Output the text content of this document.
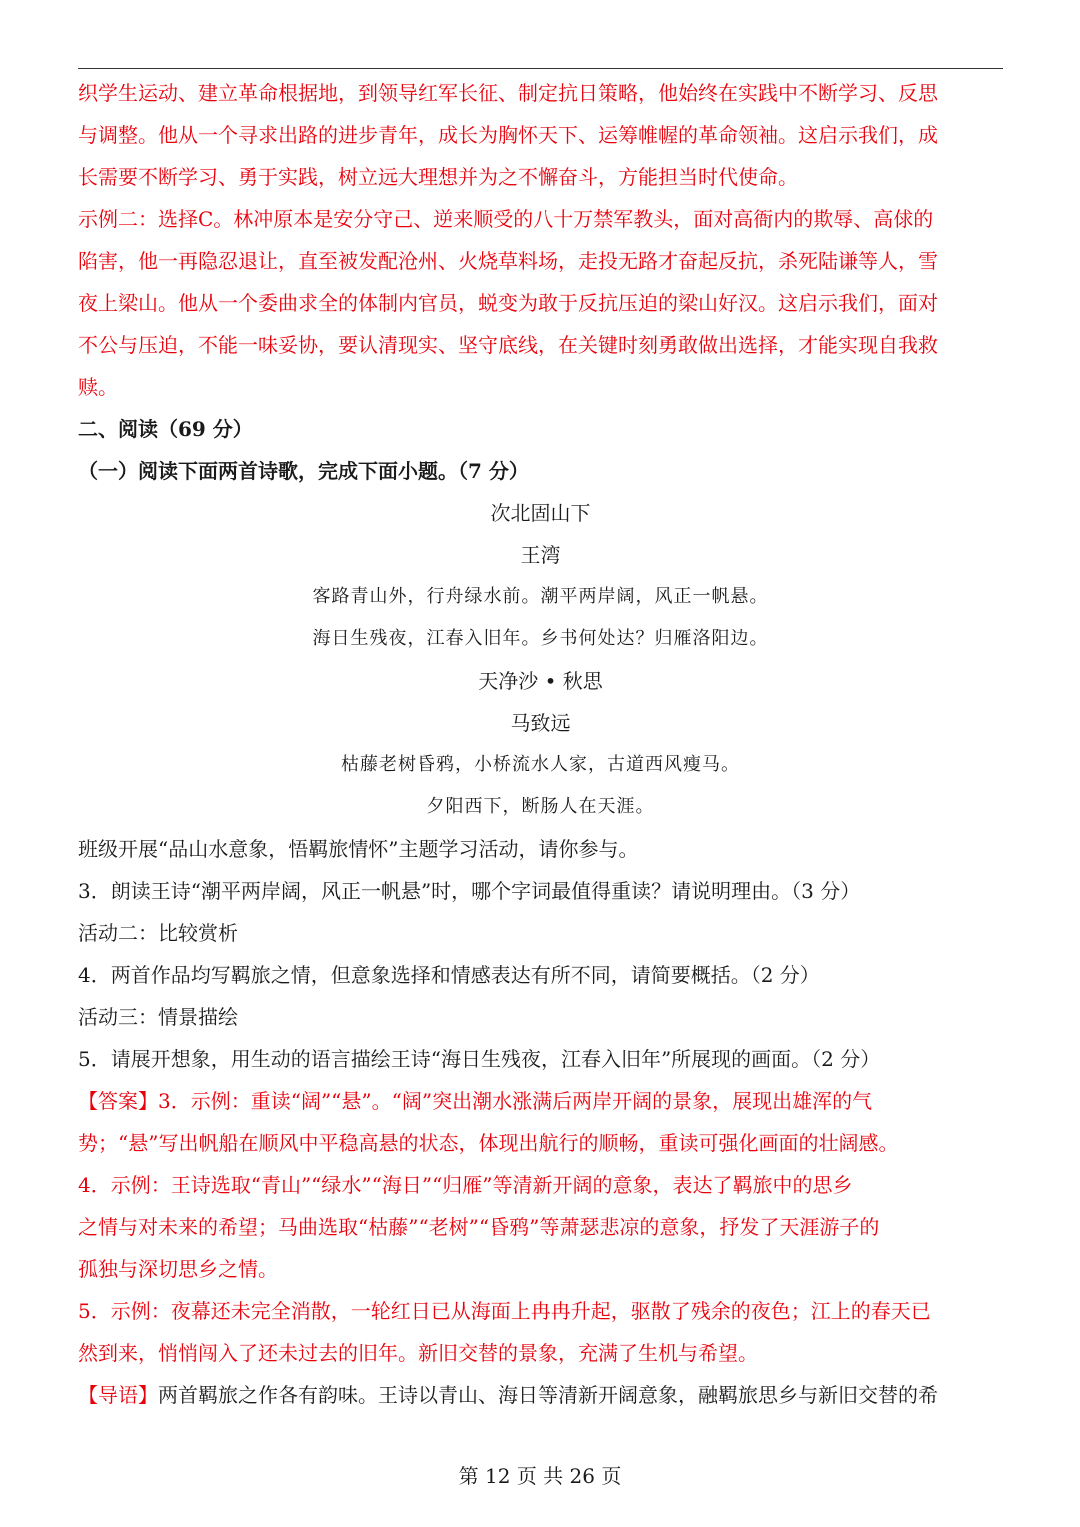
织学生运动、建立革命根据地，到领导红军长征、制定抗日策略，他始终在实践中不断学习、反思

与调整。他从一个寻求出路的进步青年，成长为胸怀天下、运筹帷幄的革命领袖。这启示我们，成

长需要不断学习、勇于实践，树立远大理想并为之不懈奋斗，方能担当时代使命。

示例二：选择C。林冲原本是安分守己、逆来顺受的八十万禁军教头，面对高衙内的欺辱、高俅的

陷害，他一再隐忍退让，直至被发配沧州、火烧草料场，走投无路才奋起反抗，杀死陆谦等人，雪

夜上梁山。他从一个委曲求全的体制内官员，蜕变为敢于反抗压迫的梁山好汉。这启示我们，面对

不公与压迫，不能一味妥协，要认清现实、坚守底线，在关键时刻勇敢做出选择，才能实现自我救

赎。

二、阅读（69 分）

（一）阅读下面两首诗歌，完成下面小题。（7 分）

次北固山下

王湾

客路青山外，行舟绿水前。潮平两岸阔，风正一帆悬。

海日生残夜，江春入旧年。乡书何处达？归雁洛阳边。

天净沙 • 秋思

马致远

枯藤老树昏鸦，小桥流水人家，古道西风瘦马。

夕阳西下，断肠人在天涯。

班级开展“品山水意象，悟羁旅情怀”主题学习活动，请你参与。

3．朗读王诗“潮平两岸阔，风正一帆悬”时，哪个字词最值得重读？请说明理由。（3 分）

活动二：比较赏析

4．两首作品均写羁旅之情，但意象选择和情感表达有所不同，请简要概括。（2 分）

活动三：情景描绘

5．请展开想象，用生动的语言描绘王诗“海日生残夜，江春入旧年”所展现的画面。（2 分）

【答案】3．示例：重读“阔”“悬”。“阔”突出潮水涨满后两岸开阔的景象，展现出雄浑的气

势；“悬”写出帆船在顺风中平稳高悬的状态，体现出航行的顺畅，重读可强化画面的壮阔感。

4．示例：王诗选取“青山”“绿水”“海日”“归雁”等清新开阔的意象，表达了羁旅中的思乡

之情与对未来的希望；马曲选取“枯藤”“老树”“昏鸦”等萧瑟悲凉的意象，抒发了天涯游子的

孤独与深切思乡之情。

5．示例：夜幕还未完全消散，一轮红日已从海面上冉冉升起，驱散了残余的夜色；江上的春天已

然到来，悄悄闯入了还未过去的旧年。新旧交替的景象，充满了生机与希望。

【导语】两首羁旅之作各有韵味。王诗以青山、海日等清新开阔意象，融羁旅思乡与新旧交替的希

第 12 页 共 26 页
